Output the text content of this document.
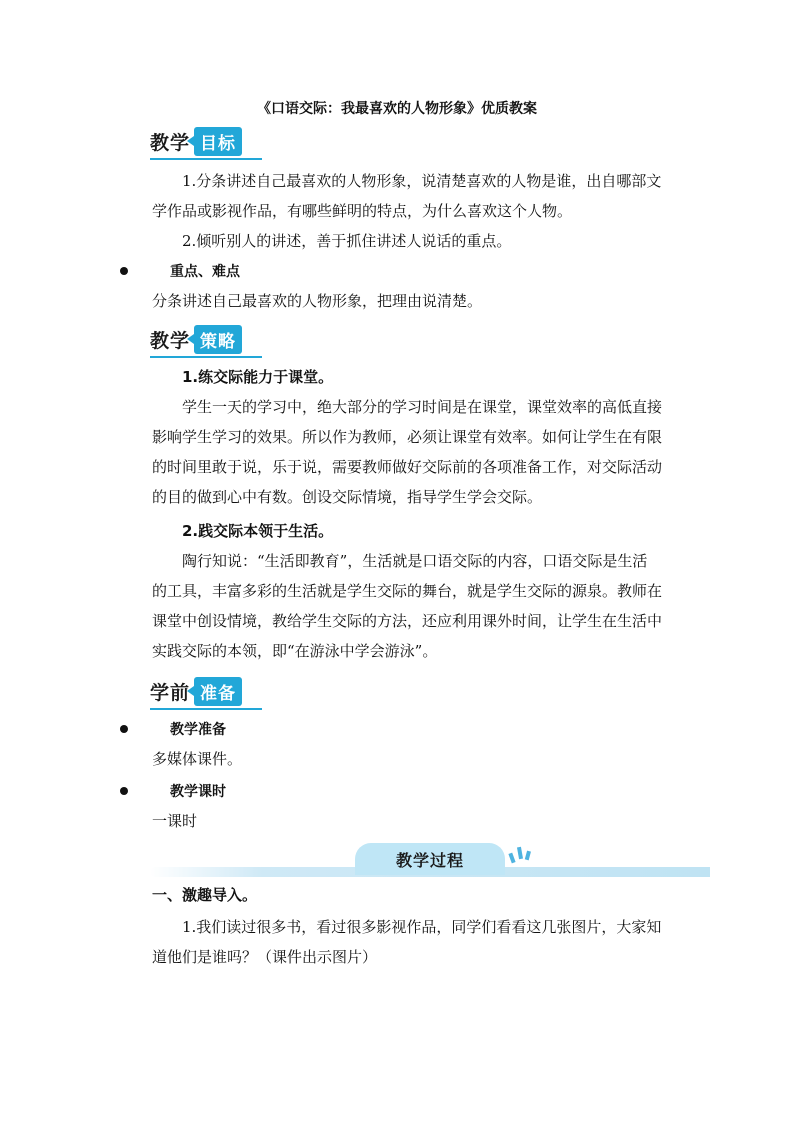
《口语交际：我最喜欢的人物形象》优质教案
教学 目标

1.分条讲述自己最喜欢的人物形象，说清楚喜欢的人物是谁，出自哪部文学作品或影视作品，有哪些鲜明的特点，为什么喜欢这个人物。

2.倾听别人的讲述，善于抓住讲述人说话的重点。

重点、难点

分条讲述自己最喜欢的人物形象，把理由说清楚。

教学 策略

1.练交际能力于课堂。

学生一天的学习中，绝大部分的学习时间是在课堂，课堂效率的高低直接影响学生学习的效果。所以作为教师，必须让课堂有效率。如何让学生在有限的时间里敢于说，乐于说，需要教师做好交际前的各项准备工作，对交际活动的目的做到心中有数。创设交际情境，指导学生学会交际。

2.践交际本领于生活。

陶行知说：“生活即教育”，生活就是口语交际的内容，口语交际是生活的工具，丰富多彩的生活就是学生交际的舞台，就是学生交际的源泉。教师在课堂中创设情境，教给学生交际的方法，还应利用课外时间，让学生在生活中实践交际的本领，即“在游泳中学会游泳”。

学前 准备
教学准备

多媒体课件。

教学课时

一课时

教学过程

一、激趣导入。

1.我们读过很多书，看过很多影视作品，同学们看看这几张图片，大家知道他们是谁吗？（课件出示图片）
